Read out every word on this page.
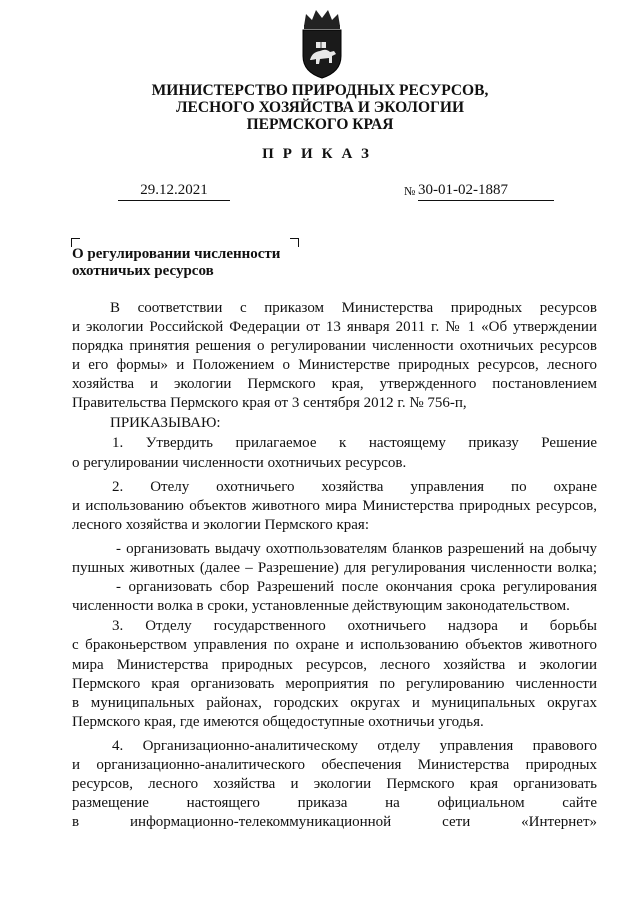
МИНИСТЕРСТВО ПРИРОДНЫХ РЕСУРСОВ,
ЛЕСНОГО ХОЗЯЙСТВА И ЭКОЛОГИИ
ПЕРМСКОГО КРАЯ
ПРИКАЗ
29.12.2021	№ 30-01-02-1887
О регулировании численности
охотничьих ресурсов
В соответствии с приказом Министерства природных ресурсов
и экологии Российской Федерации от 13 января 2011 г. № 1 «Об утверждении
порядка принятия решения о регулировании численности охотничьих ресурсов
и его формы» и Положением о Министерстве природных ресурсов, лесного
хозяйства и экологии Пермского края, утвержденного постановлением
Правительства Пермского края от 3 сентября 2012 г. № 756-п,
ПРИКАЗЫВАЮ:
1. Утвердить прилагаемое к настоящему приказу Решение
о регулировании численности охотничьих ресурсов.
2. Отелу охотничьего хозяйства управления по охране
и использованию объектов животного мира Министерства природных ресурсов,
лесного хозяйства и экологии Пермского края:
- организовать выдачу охотпользователям бланков разрешений на добычу
пушных животных (далее – Разрешение) для регулирования численности волка;
- организовать сбор Разрешений после окончания срока регулирования
численности волка в сроки, установленные действующим законодательством.
3. Отделу государственного охотничьего надзора и борьбы
с браконьерством управления по охране и использованию объектов животного
мира Министерства природных ресурсов, лесного хозяйства и экологии
Пермского края организовать мероприятия по регулированию численности
в муниципальных районах, городских округах и муниципальных округах
Пермского края, где имеются общедоступные охотничьи угодья.
4. Организационно-аналитическому отделу управления правового
и организационно-аналитического обеспечения Министерства природных
ресурсов, лесного хозяйства и экологии Пермского края организовать
размещение настоящего приказа на официальном сайте
в информационно-телекоммуникационной сети «Интернет»
